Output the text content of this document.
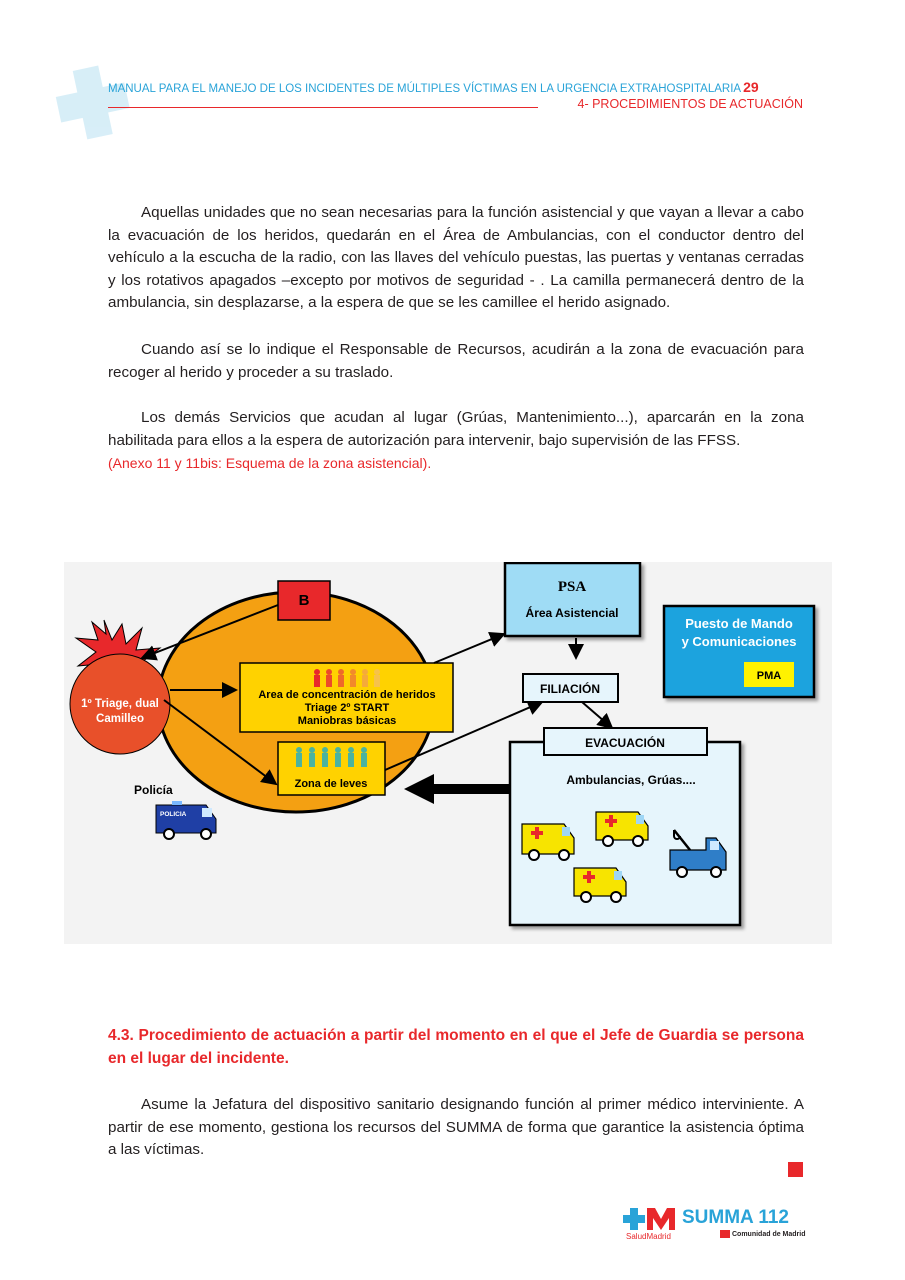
MANUAL PARA EL MANEJO DE LOS INCIDENTES DE MÚLTIPLES VÍCTIMAS EN LA URGENCIA EXTRAHOSPITALARIA 29
4- PROCEDIMIENTOS DE ACTUACIÓN

Aquellas unidades que no sean necesarias para la función asistencial y que vayan a llevar a cabo la evacuación de los heridos, quedarán en el Área de Ambulancias, con el conductor dentro del vehículo a la escucha de la radio, con las llaves del vehículo puestas, las puertas y ventanas cerradas y los rotativos apagados –excepto por motivos de seguridad - . La camilla permanecerá dentro de la ambulancia, sin desplazarse, a la espera de que se les camillee el herido asignado.

Cuando así se lo indique el Responsable de Recursos, acudirán a la zona de evacuación para recoger al herido y proceder a su traslado.

Los demás Servicios que acudan al lugar (Grúas, Mantenimiento...), aparcarán en la zona habilitada para ellos a la espera de autorización para intervenir, bajo supervisión de las FFSS.
(Anexo 11 y 11bis: Esquema de la zona asistencial).

1º Triage, dual
Camilleo
B
Area de concentración de heridos
Triage 2º START
Maniobras básicas
Zona de leves	Ambulancias, Grúas....
PSA
Área Asistencial
FILIACIÓN
EVACUACIÓN
Puesto de Mando
y Comunicaciones
PMA
Policía
POLICIA
4.3. Procedimiento de actuación a partir del momento en el que el Jefe de Guardia se persona en el lugar del incidente.

Asume la Jefatura del dispositivo sanitario designando función al primer médico interviniente. A partir de ese momento, gestiona los recursos del SUMMA de forma que garantice la asistencia óptima a las víctimas.

SUMMA 112
SaludMadrid	Comunidad de Madrid
